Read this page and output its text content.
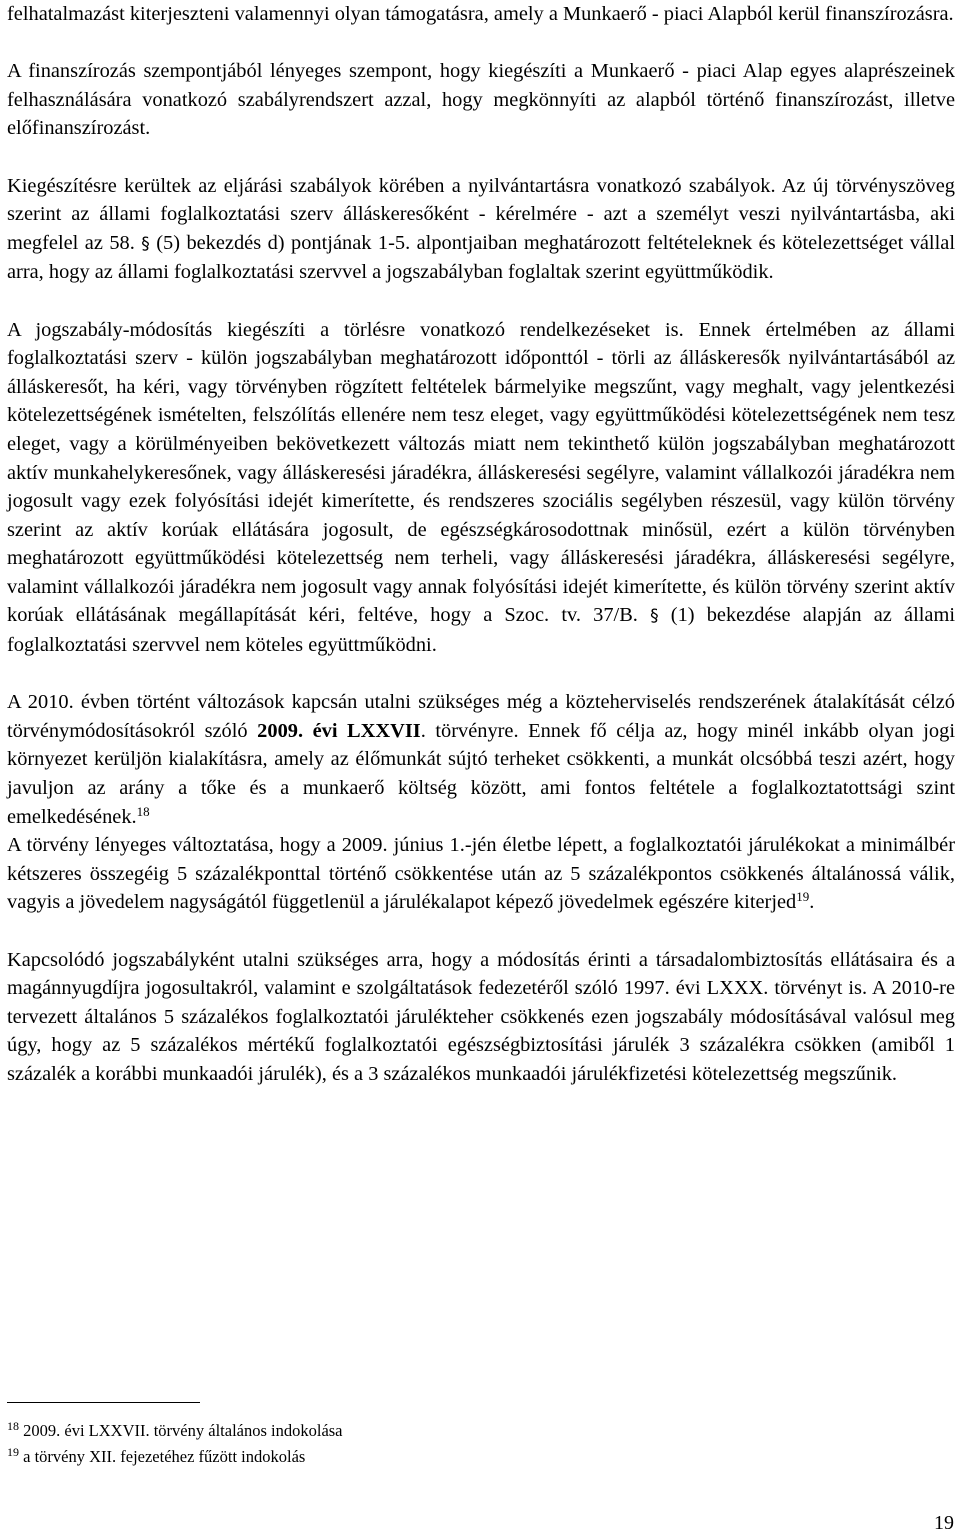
felhatalmazást kiterjeszteni valamennyi olyan támogatásra, amely a Munkaerő - piaci Alapból kerül finanszírozásra.

A finanszírozás szempontjából lényeges szempont, hogy kiegészíti a Munkaerő - piaci Alap egyes alaprészeinek felhasználására vonatkozó szabályrendszert azzal, hogy megkönnyíti az alapból történő finanszírozást, illetve előfinanszírozást.

Kiegészítésre kerültek az eljárási szabályok körében a nyilvántartásra vonatkozó szabályok. Az új törvényszöveg szerint az állami foglalkoztatási szerv álláskeresőként - kérelmére - azt a személyt veszi nyilvántartásba, aki megfelel az 58. § (5) bekezdés d) pontjának 1-5. alpontjaiban meghatározott feltételeknek és kötelezettséget vállal arra, hogy az állami foglalkoztatási szervvel a jogszabályban foglaltak szerint együttműködik.

A jogszabály-módosítás kiegészíti a törlésre vonatkozó rendelkezéseket is. Ennek értelmében az állami foglalkoztatási szerv - külön jogszabályban meghatározott időponttól - törli az álláskeresők nyilvántartásából az álláskeresőt, ha kéri, vagy törvényben rögzített feltételek bármelyike megszűnt, vagy meghalt, vagy jelentkezési kötelezettségének ismételten, felszólítás ellenére nem tesz eleget, vagy együttműködési kötelezettségének nem tesz eleget, vagy a körülményeiben bekövetkezett változás miatt nem tekinthető külön jogszabályban meghatározott aktív munkahelykeresőnek, vagy álláskeresési járadékra, álláskeresési segélyre, valamint vállalkozói járadékra nem jogosult vagy ezek folyósítási idejét kimerítette, és rendszeres szociális segélyben részesül, vagy külön törvény szerint az aktív korúak ellátására jogosult, de egészségkárosodottnak minősül, ezért a külön törvényben meghatározott együttműködési kötelezettség nem terheli, vagy álláskeresési járadékra, álláskeresési segélyre, valamint vállalkozói járadékra nem jogosult vagy annak folyósítási idejét kimerítette, és külön törvény szerint aktív korúak ellátásának megállapítását kéri, feltéve, hogy a Szoc. tv. 37/B. § (1) bekezdése alapján az állami foglalkoztatási szervvel nem köteles együttműködni.

A 2010. évben történt változások kapcsán utalni szükséges még a közteherviselés rendszerének átalakítását célzó törvénymódosításokról szóló 2009. évi LXXVII. törvényre. Ennek fő célja az, hogy minél inkább olyan jogi környezet kerüljön kialakításra, amely az élőmunkát sújtó terheket csökkenti, a munkát olcsóbbá teszi azért, hogy javuljon az arány a tőke és a munkaerő költség között, ami fontos feltétele a foglalkoztatottsági szint emelkedésének.$^{18}$

A törvény lényeges változtatása, hogy a 2009. június 1.-jén életbe lépett, a foglalkoztatói járulékokat a minimálbér kétszeres összegéig 5 százalékponttal történő csökkentése után az 5 százalékpontos csökkenés általánossá válik, vagyis a jövedelem nagyságától függetlenül a járulékalapot képező jövedelmek egészére kiterjed$^{19}$.

Kapcsolódó jogszabályként utalni szükséges arra, hogy a módosítás érinti a társadalombiztosítás ellátásaira és a magánnyugdíjra jogosultakról, valamint e szolgáltatások fedezetéről szóló 1997. évi LXXX. törvényt is. A 2010-re tervezett általános 5 százalékos foglalkoztatói járulékteher csökkenés ezen jogszabály módosításával valósul meg úgy, hogy az 5 százalékos mértékű foglalkoztatói egészségbiztosítási járulék 3 százalékra csökken (amiből 1 százalék a korábbi munkaadói járulék), és a 3 százalékos munkaadói járulékfizetési kötelezettség megszűnik.

$^{18}$ 2009. évi LXXVII. törvény általános indokolása

$^{19}$ a törvény XII. fejezetéhez fűzött indokolás

19
